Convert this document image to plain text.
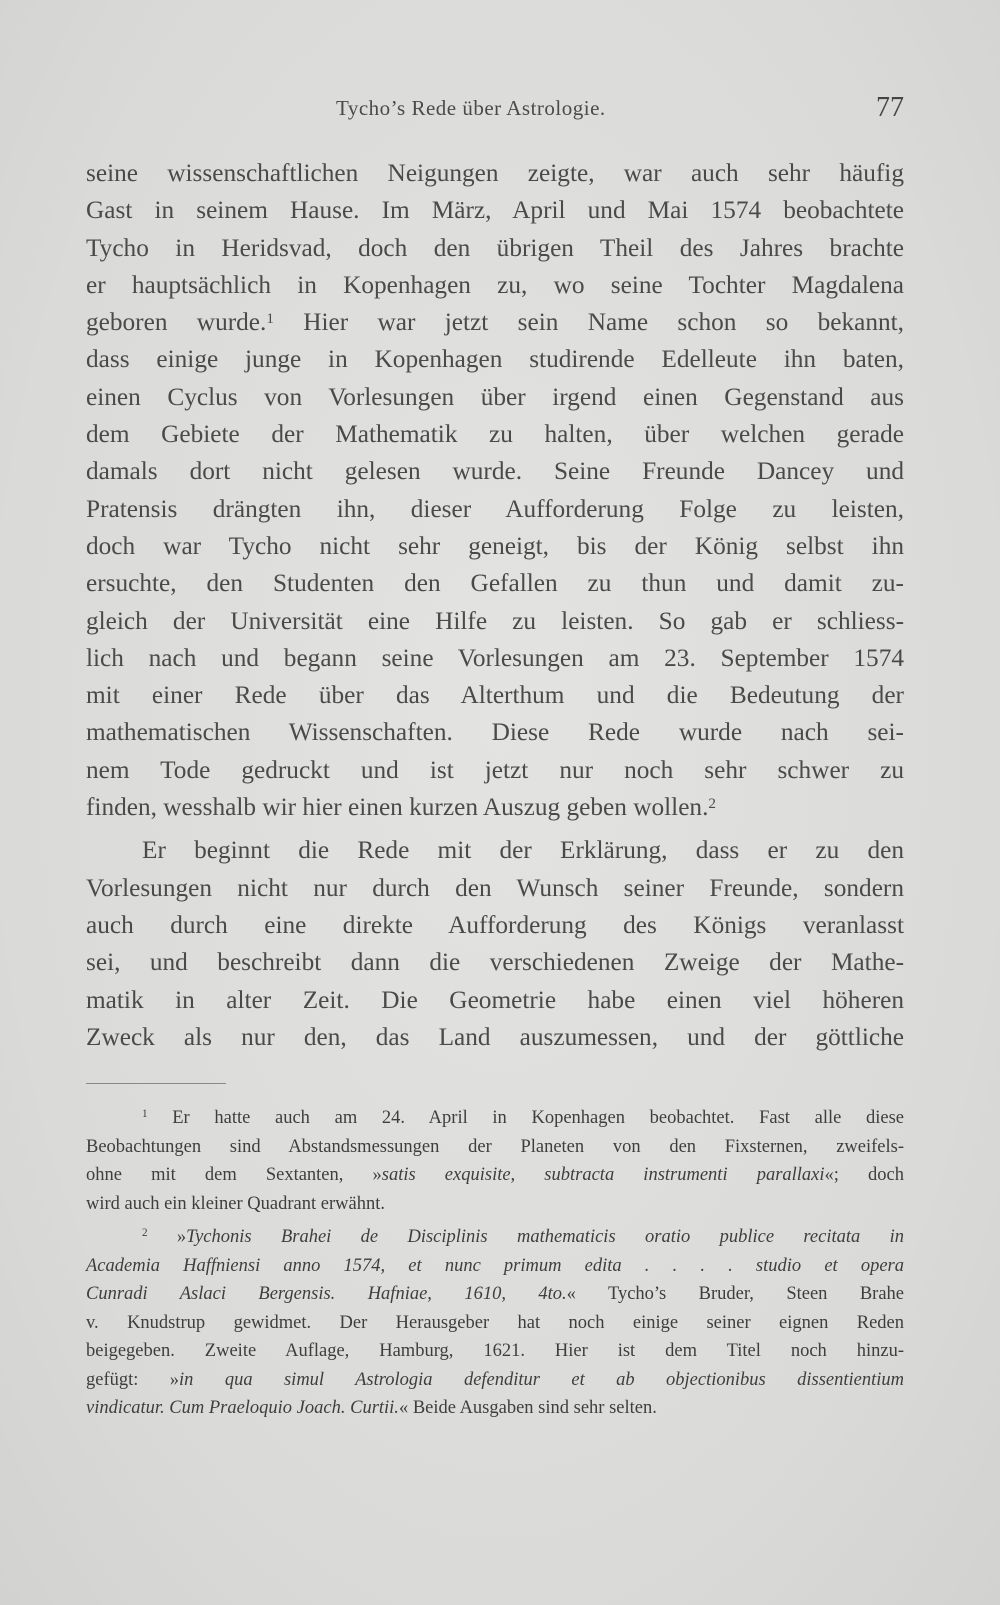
Tycho’s Rede über Astrologie.	77
seine wissenschaftlichen Neigungen zeigte, war auch sehr häufig
Gast in seinem Hause. Im März, April und Mai 1574 beobachtete
Tycho in Heridsvad, doch den übrigen Theil des Jahres brachte
er hauptsächlich in Kopenhagen zu, wo seine Tochter Magdalena
geboren wurde.$^1$ Hier war jetzt sein Name schon so bekannt,
dass einige junge in Kopenhagen studirende Edelleute ihn baten,
einen Cyclus von Vorlesungen über irgend einen Gegenstand aus
dem Gebiete der Mathematik zu halten, über welchen gerade
damals dort nicht gelesen wurde. Seine Freunde Dancey und
Pratensis drängten ihn, dieser Aufforderung Folge zu leisten,
doch war Tycho nicht sehr geneigt, bis der König selbst ihn
ersuchte, den Studenten den Gefallen zu thun und damit zu-
gleich der Universität eine Hilfe zu leisten. So gab er schliess-
lich nach und begann seine Vorlesungen am 23. September 1574
mit einer Rede über das Alterthum und die Bedeutung der
mathematischen Wissenschaften. Diese Rede wurde nach sei-
nem Tode gedruckt und ist jetzt nur noch sehr schwer zu
finden, wesshalb wir hier einen kurzen Auszug geben wollen.$^2$
Er beginnt die Rede mit der Erklärung, dass er zu den
Vorlesungen nicht nur durch den Wunsch seiner Freunde, sondern
auch durch eine direkte Aufforderung des Königs veranlasst
sei, und beschreibt dann die verschiedenen Zweige der Mathe-
matik in alter Zeit. Die Geometrie habe einen viel höheren
Zweck als nur den, das Land auszumessen, und der göttliche
$^1$ Er hatte auch am 24. April in Kopenhagen beobachtet. Fast alle diese
Beobachtungen sind Abstandsmessungen der Planeten von den Fixsternen, zweifels-
ohne mit dem Sextanten, »satis exquisite, subtracta instrumenti parallaxi«; doch
wird auch ein kleiner Quadrant erwähnt.
$^2$ »Tychonis Brahei de Disciplinis mathematicis oratio publice recitata in
Academia Haffniensi anno 1574, et nunc primum edita . . . . studio et opera
Cunradi Aslaci Bergensis. Hafniae, 1610, 4to.« Tycho’s Bruder, Steen Brahe
v. Knudstrup gewidmet. Der Herausgeber hat noch einige seiner eignen Reden
beigegeben. Zweite Auflage, Hamburg, 1621. Hier ist dem Titel noch hinzu-
gefügt: »in qua simul Astrologia defenditur et ab objectionibus dissentientium
vindicatur. Cum Praeloquio Joach. Curtii.« Beide Ausgaben sind sehr selten.
